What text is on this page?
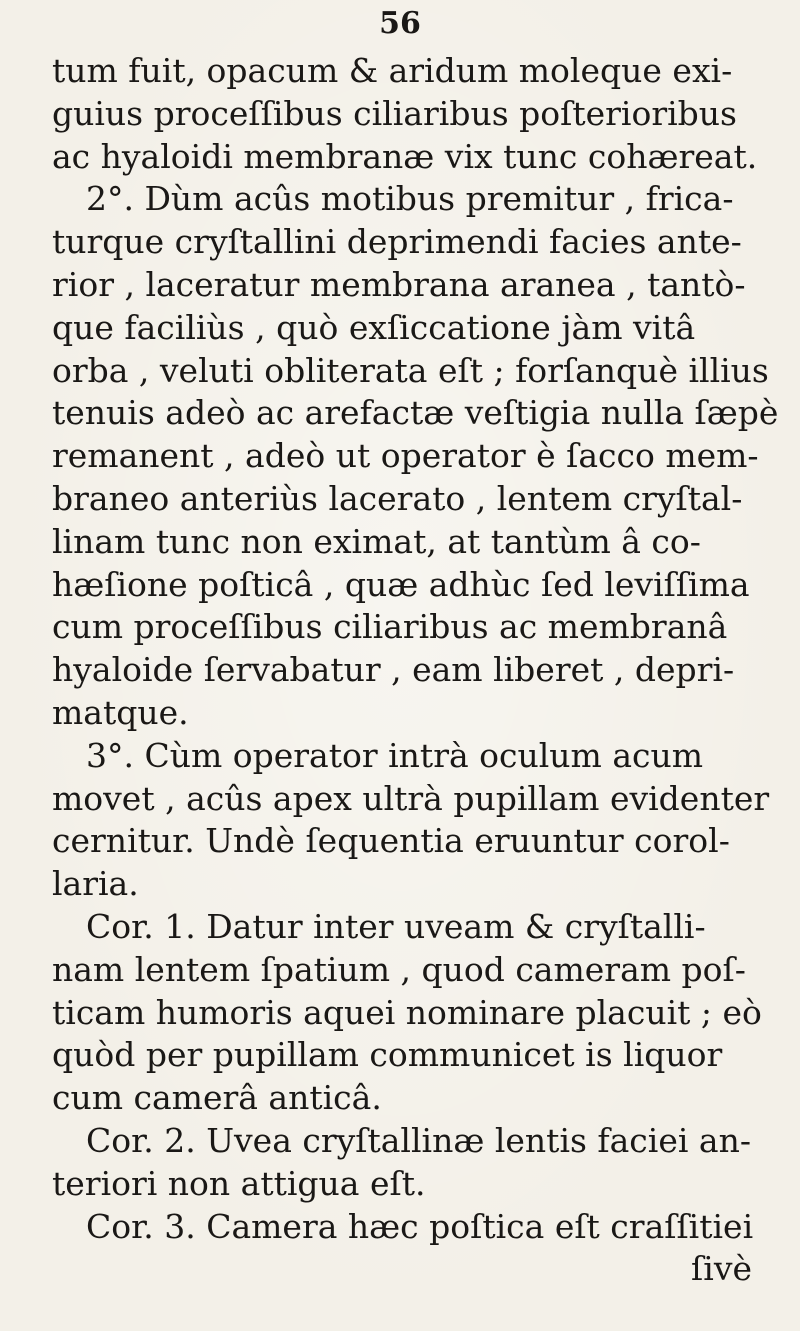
56
tum fuit, opacum & aridum moleque exi-
guius proceſſibus ciliaribus poſterioribus
ac hyaloidi membranæ vix tunc cohæreat.
2°. Dùm acûs motibus premitur , frica-
turque cryſtallini deprimendi facies ante-
rior , laceratur membrana aranea , tantò-
que faciliùs , quò exſiccatione jàm vitâ
orba , veluti obliterata eſt ; forſanquè illius
tenuis adeò ac arefactæ veſtigia nulla ſæpè
remanent , adeò ut operator è ſacco mem-
braneo anteriùs lacerato , lentem cryſtal-
linam tunc non eximat, at tantùm â co-
hæſione poſticâ , quæ adhùc ſed leviſſima
cum proceſſibus ciliaribus ac membranâ
hyaloide ſervabatur , eam liberet , depri-
matque.
3°. Cùm operator intrà oculum acum
movet , acûs apex ultrà pupillam evidenter
cernitur. Undè ſequentia eruuntur corol-
laria.
Cor. 1. Datur inter uveam & cryſtalli-
nam lentem ſpatium , quod cameram poſ-
ticam humoris aquei nominare placuit ; eò
quòd per pupillam communicet is liquor
cum camerâ anticâ.
Cor. 2. Uvea cryſtallinæ lentis faciei an-
teriori non attigua eſt.
Cor. 3. Camera hæc poſtica eſt craſſitiei
ſivè
